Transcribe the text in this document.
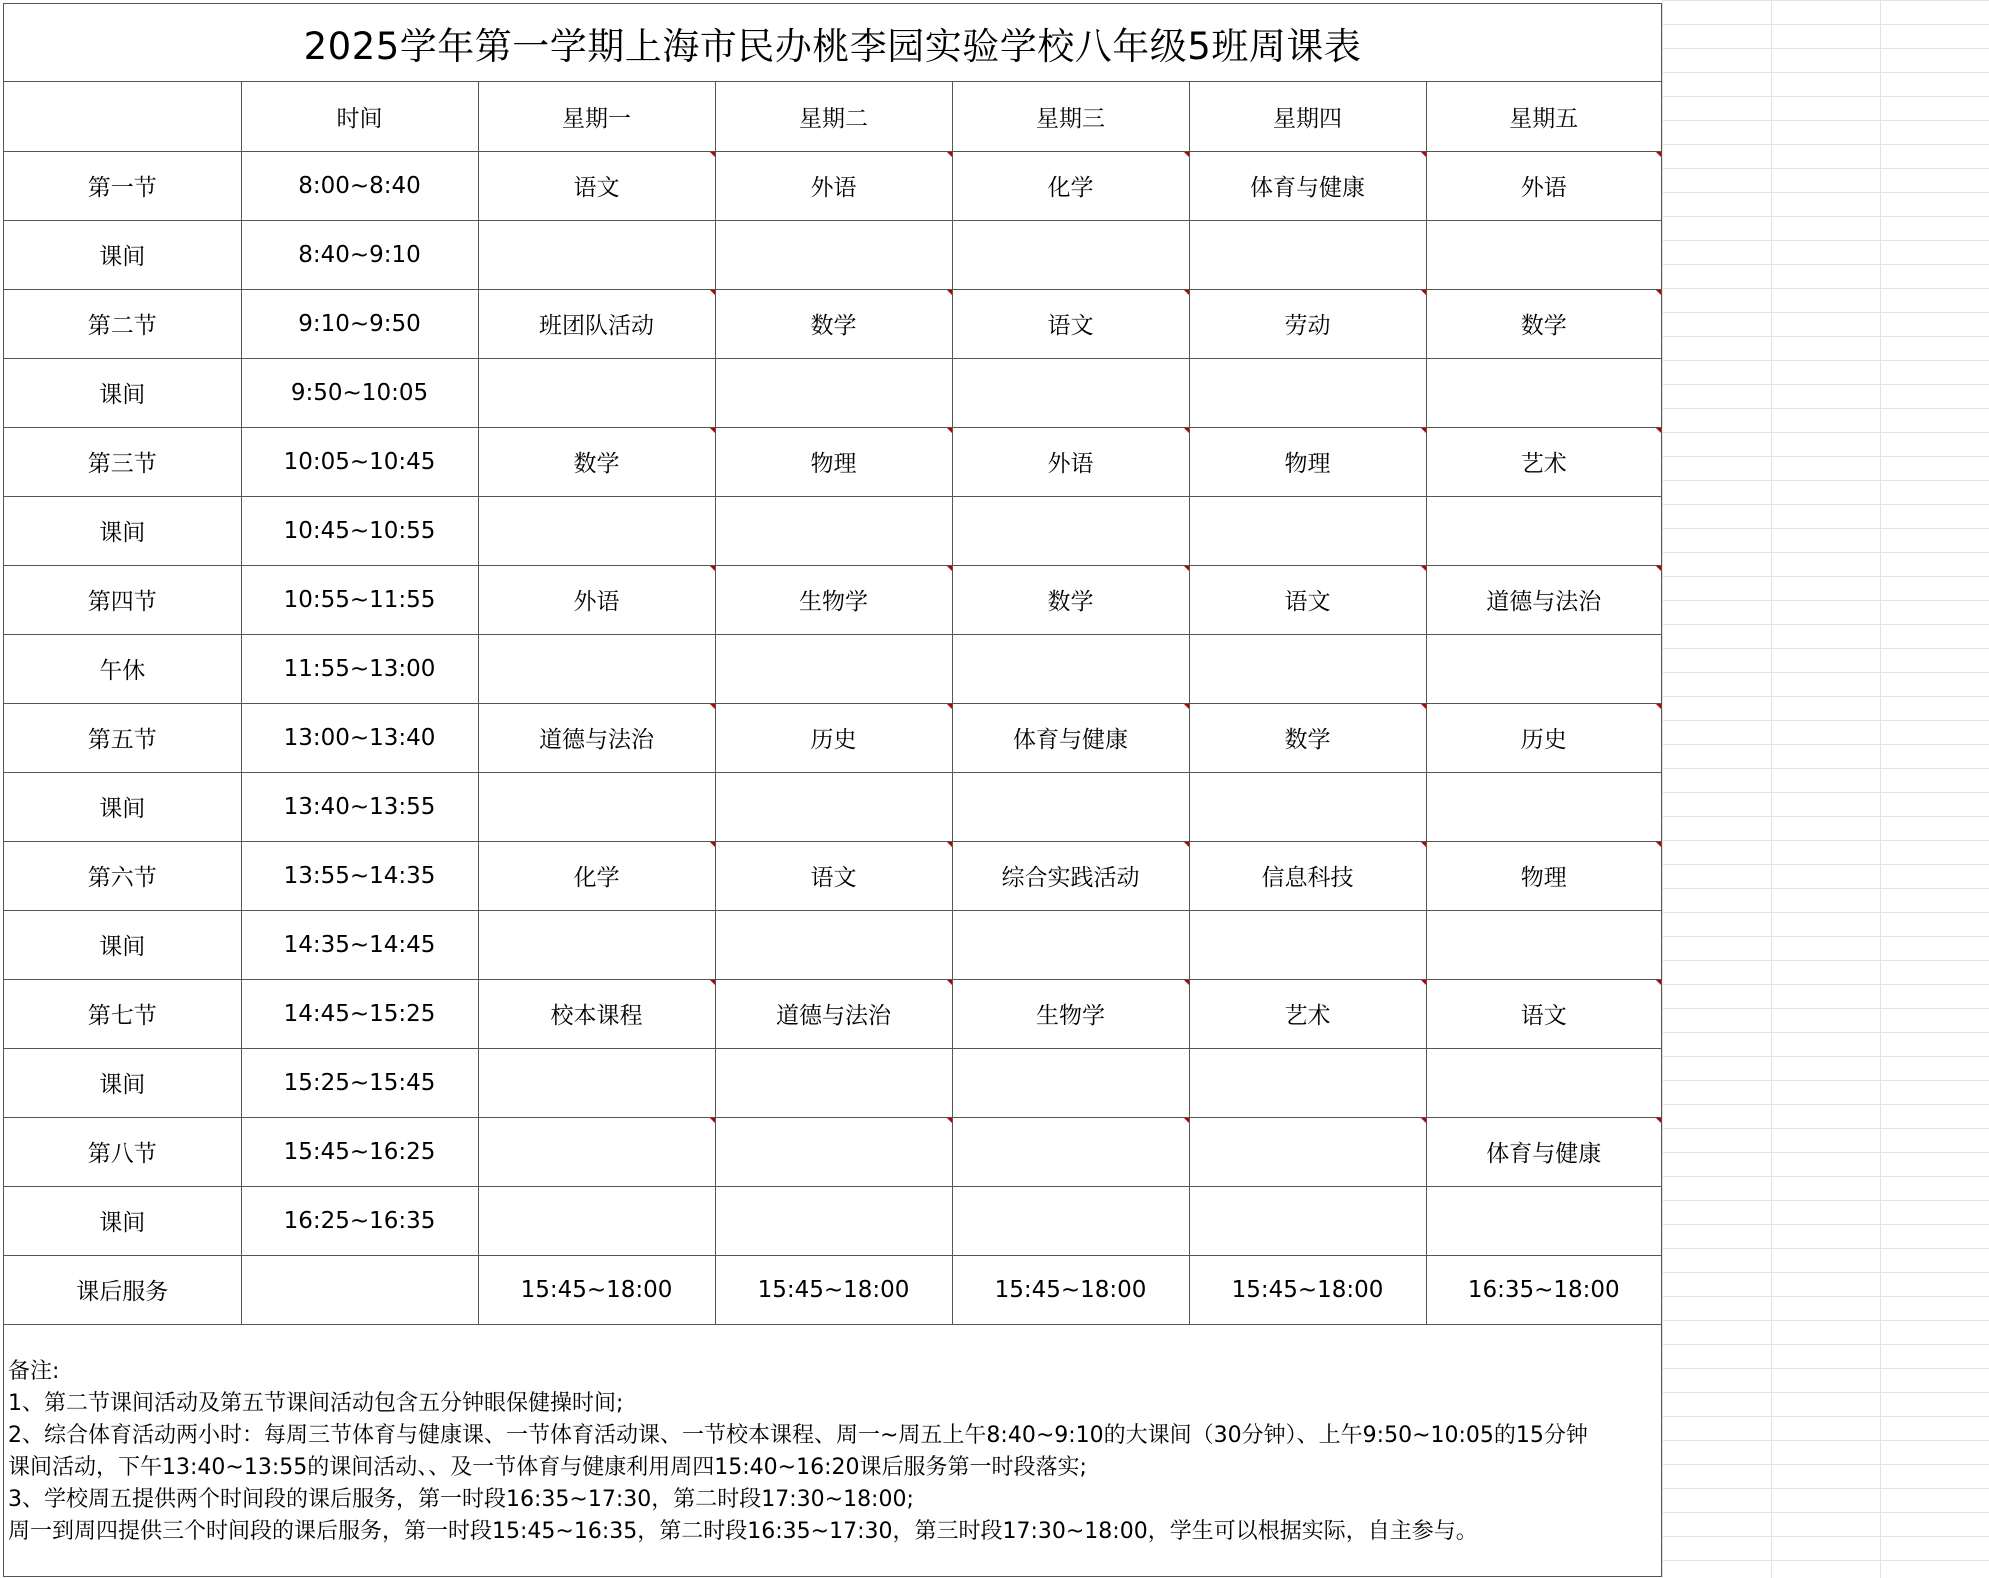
2025学年第一学期上海市民办桃李园实验学校八年级5班周课表
	时间	星期一	星期二	星期三	星期四	星期五
第一节	8:00~8:40	语文	外语	化学	体育与健康	外语
课间	8:40~9:10					
第二节	9:10~9:50	班团队活动	数学	语文	劳动	数学
课间	9:50~10:05					
第三节	10:05~10:45	数学	物理	外语	物理	艺术
课间	10:45~10:55					
第四节	10:55~11:55	外语	生物学	数学	语文	道德与法治
午休	11:55~13:00					
第五节	13:00~13:40	道德与法治	历史	体育与健康	数学	历史
课间	13:40~13:55					
第六节	13:55~14:35	化学	语文	综合实践活动	信息科技	物理
课间	14:35~14:45					
第七节	14:45~15:25	校本课程	道德与法治	生物学	艺术	语文
课间	15:25~15:45					
第八节	15:45~16:25					体育与健康
课间	16:25~16:35					
课后服务		15:45~18:00	15:45~18:00	15:45~18:00	15:45~18:00	16:35~18:00
备注:
1、第二节课间活动及第五节课间活动包含五分钟眼保健操时间;
2、综合体育活动两小时：每周三节体育与健康课、一节体育活动课、一节校本课程、周一~周五上午8:40~9:10的大课间（30分钟）、上午9:50~10:05的15分钟
课间活动，下午13:40~13:55的课间活动、、及一节体育与健康利用周四15:40~16:20课后服务第一时段落实;
3、学校周五提供两个时间段的课后服务，第一时段16:35~17:30，第二时段17:30~18:00;
周一到周四提供三个时间段的课后服务，第一时段15:45~16:35，第二时段16:35~17:30，第三时段17:30~18:00，学生可以根据实际，自主参与。
